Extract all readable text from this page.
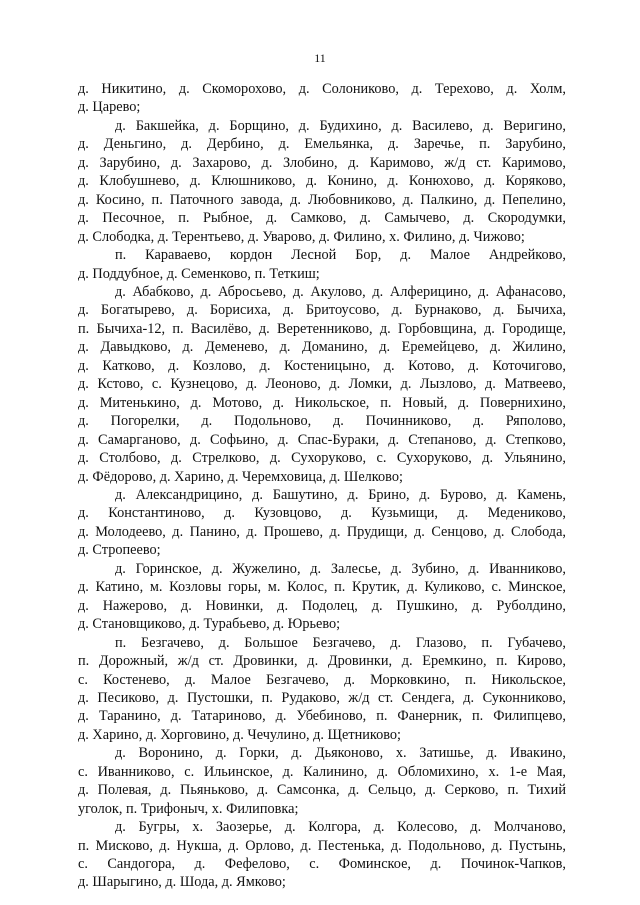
11
д. Никитино, д. Скоморохово, д. Солониково, д. Терехово, д. Холм,
д. Царево;
д. Бакшейка, д. Борщино, д. Будихино, д. Василево, д. Веригино,
д. Деньгино, д. Дербино, д. Емельянка, д. Заречье, п. Зарубино,
д. Зарубино, д. Захарово, д. Злобино, д. Каримово, ж/д ст. Каримово,
д. Клобушнево, д. Клюшниково, д. Конино, д. Конюхово, д. Коряково,
д. Косино, п. Паточного завода, д. Любовниково, д. Палкино, д. Пепелино,
д. Песочное, п. Рыбное, д. Самково, д. Самычево, д. Скородумки,
д. Слободка, д. Терентьево, д. Уварово, д. Филино, х. Филино, д. Чижово;
п. Караваево, кордон Лесной Бор, д. Малое Андрейково,
д. Поддубное, д. Семенково, п. Теткиш;
д. Абабково, д. Абросьево, д. Акулово, д. Алферицино, д. Афанасово,
д. Богатырево, д. Борисиха, д. Бритоусово, д. Бурнаково, д. Бычиха,
п. Бычиха-12, п. Василёво, д. Веретенниково, д. Горбовщина, д. Городище,
д. Давыдково, д. Деменево, д. Доманино, д. Еремейцево, д. Жилино,
д. Катково, д. Козлово, д. Костеницыно, д. Котово, д. Коточигово,
д. Кстово, с. Кузнецово, д. Леоново, д. Ломки, д. Лызлово, д. Матвеево,
д. Митенькино, д. Мотово, д. Никольское, п. Новый, д. Повернихино,
д. Погорелки, д. Подольново, д. Починниково, д. Ряполово,
д. Самарганово, д. Софьино, д. Спас-Бураки, д. Степаново, д. Степково,
д. Столбово, д. Стрелково, д. Сухоруково, с. Сухоруково, д. Ульянино,
д. Фёдорово, д. Харино, д. Черемховица, д. Шелково;
д. Александрицино, д. Башутино, д. Брино, д. Бурово, д. Камень,
д. Константиново, д. Кузовцово, д. Кузьмищи, д. Медениково,
д. Молодеево, д. Панино, д. Прошево, д. Прудищи, д. Сенцово, д. Слобода,
д. Стропеево;
д. Горинское, д. Жужелино, д. Залесье, д. Зубино, д. Иванниково,
д. Катино, м. Козловы горы, м. Колос, п. Крутик, д. Куликово, с. Минское,
д. Нажерово, д. Новинки, д. Подолец, д. Пушкино, д. Руболдино,
д. Становщиково, д. Турабьево, д. Юрьево;
п. Безгачево, д. Большое Безгачево, д. Глазово, п. Губачево,
п. Дорожный, ж/д ст. Дровинки, д. Дровинки, д. Еремкино, п. Кирово,
с. Костенево, д. Малое Безгачево, д. Морковкино, п. Никольское,
д. Песиково, д. Пустошки, п. Рудаково, ж/д ст. Сендега, д. Суконниково,
д. Таранино, д. Татариново, д. Убебиново, п. Фанерник, п. Филипцево,
д. Харино, д. Хорговино, д. Чечулино, д. Щетниково;
д. Воронино, д. Горки, д. Дьяконово, х. Затишье, д. Ивакино,
с. Иванниково, с. Ильинское, д. Калинино, д. Обломихино, х. 1-е Мая,
д. Полевая, д. Пьяньково, д. Самсонка, д. Сельцо, д. Серково, п. Тихий
уголок, п. Трифоныч, х. Филиповка;
д. Бугры, х. Заозерье, д. Колгора, д. Колесово, д. Молчаново,
п. Мисково, д. Нукша, д. Орлово, д. Пестенька, д. Подольново, д. Пустынь,
с. Сандогора, д. Фефелово, с. Фоминское, д. Починок-Чапков,
д. Шарыгино, д. Шода, д. Ямково;
